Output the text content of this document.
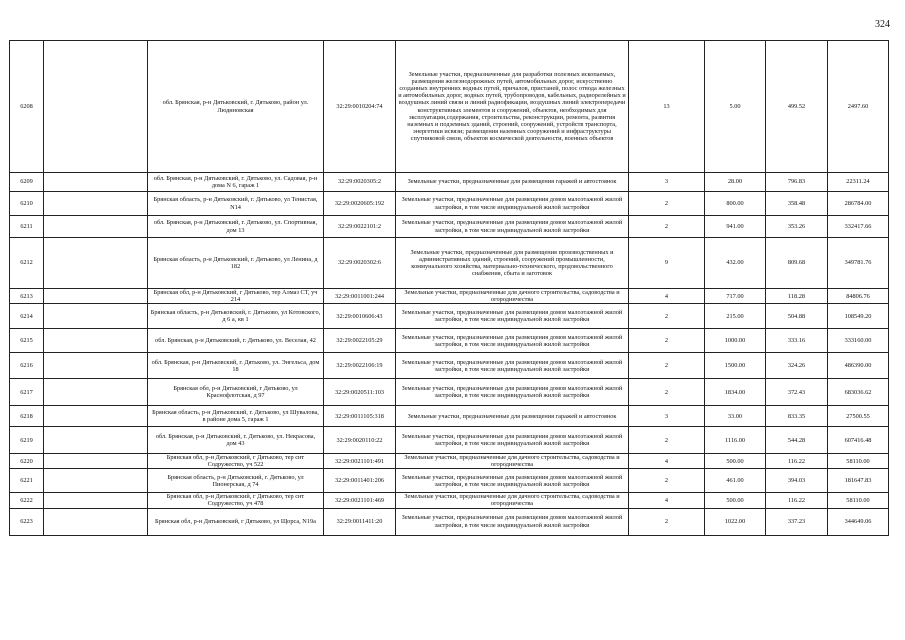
324
6208		обл. Брянская, р-н Дятьковский, г. Дятьково, район ул. Людиновская	32:29:0010204:74	Земельные участки, предназначенные для разработки полезных ископаемых, размещения железнодорожных путей, автомобильных дорог, искусственно созданных внутренних водных путей, причалов, пристаней, полос отвода железных и автомобильных дорог, водных путей, трубопроводов, кабельных, радиорелейных и воздушных линий связи и линий радиофикации, воздушных линий электропередачи конструктивных элементов и сооружений, объектов, необходимых для эксплуатации,содержания, строительства, реконструкции, ремонта, развития наземных и подземных зданий, строений, сооружений, устройств транспорта, энергетики исвязи; размещения наземных сооружений и инфраструктуры спутниковой связи, объектов космической деятельности, военных объектов	13	5.00	499.52	2497.60
6209		обл. Брянская, р-н Дятьковский, г. Дятьково, ул. Садовая, р-н дома N 6, гараж 1	32:29:0020305:2	Земельные участки, предназначенные для размещения гаражей и автостоянок	3	28.00	796.83	22311.24
6210		Брянская область, р-н Дятьковский, г. Дятьково, ул Тенистая, N14	32:29:0020605:192	Земельные участки, предназначенные для размещения домов малоэтажной жилой застройки, в том числе индивидуальной жилой застройки	2	800.00	358.48	286784.00
6211		обл. Брянская, р-н Дятьковский, г. Дятьково, ул. Спортивная, дом 13	32:29:0022101:2	Земельные участки, предназначенные для размещения домов малоэтажной жилой застройки, в том числе индивидуальной жилой застройки	2	941.00	353.26	332417.66
6212		Брянская область, р-н Дятьковский, г. Дятьково, ул Ленина, д 182	32:29:0020302:6	Земельные участки, предназначенные для размещения производственных и административных зданий, строений, сооружений промышленности, коммунального хозяйства, материально-технического, продовольственного снабжения, сбыта и заготовок	9	432.00	809.68	349781.76
6213		Брянская обл, р-н Дятьковский, г Дятьково, тер Алмаз СТ, уч 214	32:29:0011001:244	Земельные участки, предназначенные для дачного строительства, садоводства и огородничества	4	717.00	118.28	84806.76
6214		Брянская область, р-н Дятьковский, г. Дятьково, ул Котовского, д 6 а, кв 1	32:29:0010606:43	Земельные участки, предназначенные для размещения домов малоэтажной жилой застройки, в том числе индивидуальной жилой застройки	2	215.00	504.88	108549.20
6215		обл. Брянская, р-н Дятьковский, г. Дятьково, ул. Веселая, 42	32:29:0022105:29	Земельные участки, предназначенные для размещения домов малоэтажной жилой застройки, в том числе индивидуальной жилой застройки	2	1000.00	333.16	333160.00
6216		обл. Брянская, р-н Дятьковский, г. Дятьково, ул. Энгельса, дом 18	32:29:0022106:19	Земельные участки, предназначенные для размещения домов малоэтажной жилой застройки, в том числе индивидуальной жилой застройки	2	1500.00	324.26	486390.00
6217		Брянская обл, р-н Дятьковский, г Дятьково, ул Краснофлотская, д 97	32:29:0020511:103	Земельные участки, предназначенные для размещения домов малоэтажной жилой застройки, в том числе индивидуальной жилой застройки	2	1834.00	372.43	683036.62
6218		Брянская область, р-н Дятьковский, г. Дятьково, ул Шувалова, в районе дома 5, гараж 1	32:29:0011105:318	Земельные участки, предназначенные для размещения гаражей и автостоянок	3	33.00	833.35	27500.55
6219		обл. Брянская, р-н Дятьковский, г. Дятьково, ул. Некрасова, дом 43	32:29:0020110:22	Земельные участки, предназначенные для размещения домов малоэтажной жилой застройки, в том числе индивидуальной жилой застройки	2	1116.00	544.28	607416.48
6220		Брянская обл, р-н Дятьковский, г Дятьково, тер снт Содружество, уч 522	32:29:0021101:491	Земельные участки, предназначенные для дачного строительства, садоводства и огородничества	4	500.00	116.22	58110.00
6221		Брянская область, р-н Дятьковский, г. Дятьково, ул Пионерская, д 74	32:29:0011401:206	Земельные участки, предназначенные для размещения домов малоэтажной жилой застройки, в том числе индивидуальной жилой застройки	2	461.00	394.03	181647.83
6222		Брянская обл, р-н Дятьковский, г Дятьково, тер снт Содружество, уч 478	32:29:0021101:469	Земельные участки, предназначенные для дачного строительства, садоводства и огородничества	4	500.00	116.22	58110.00
6223		Брянская обл, р-н Дятьковский, г Дятьково, ул Щорса, N19а	32:29:0011411:20	Земельные участки, предназначенные для размещения домов малоэтажной жилой застройки, в том числе индивидуальной жилой застройки	2	1022.00	337.23	344649.06
